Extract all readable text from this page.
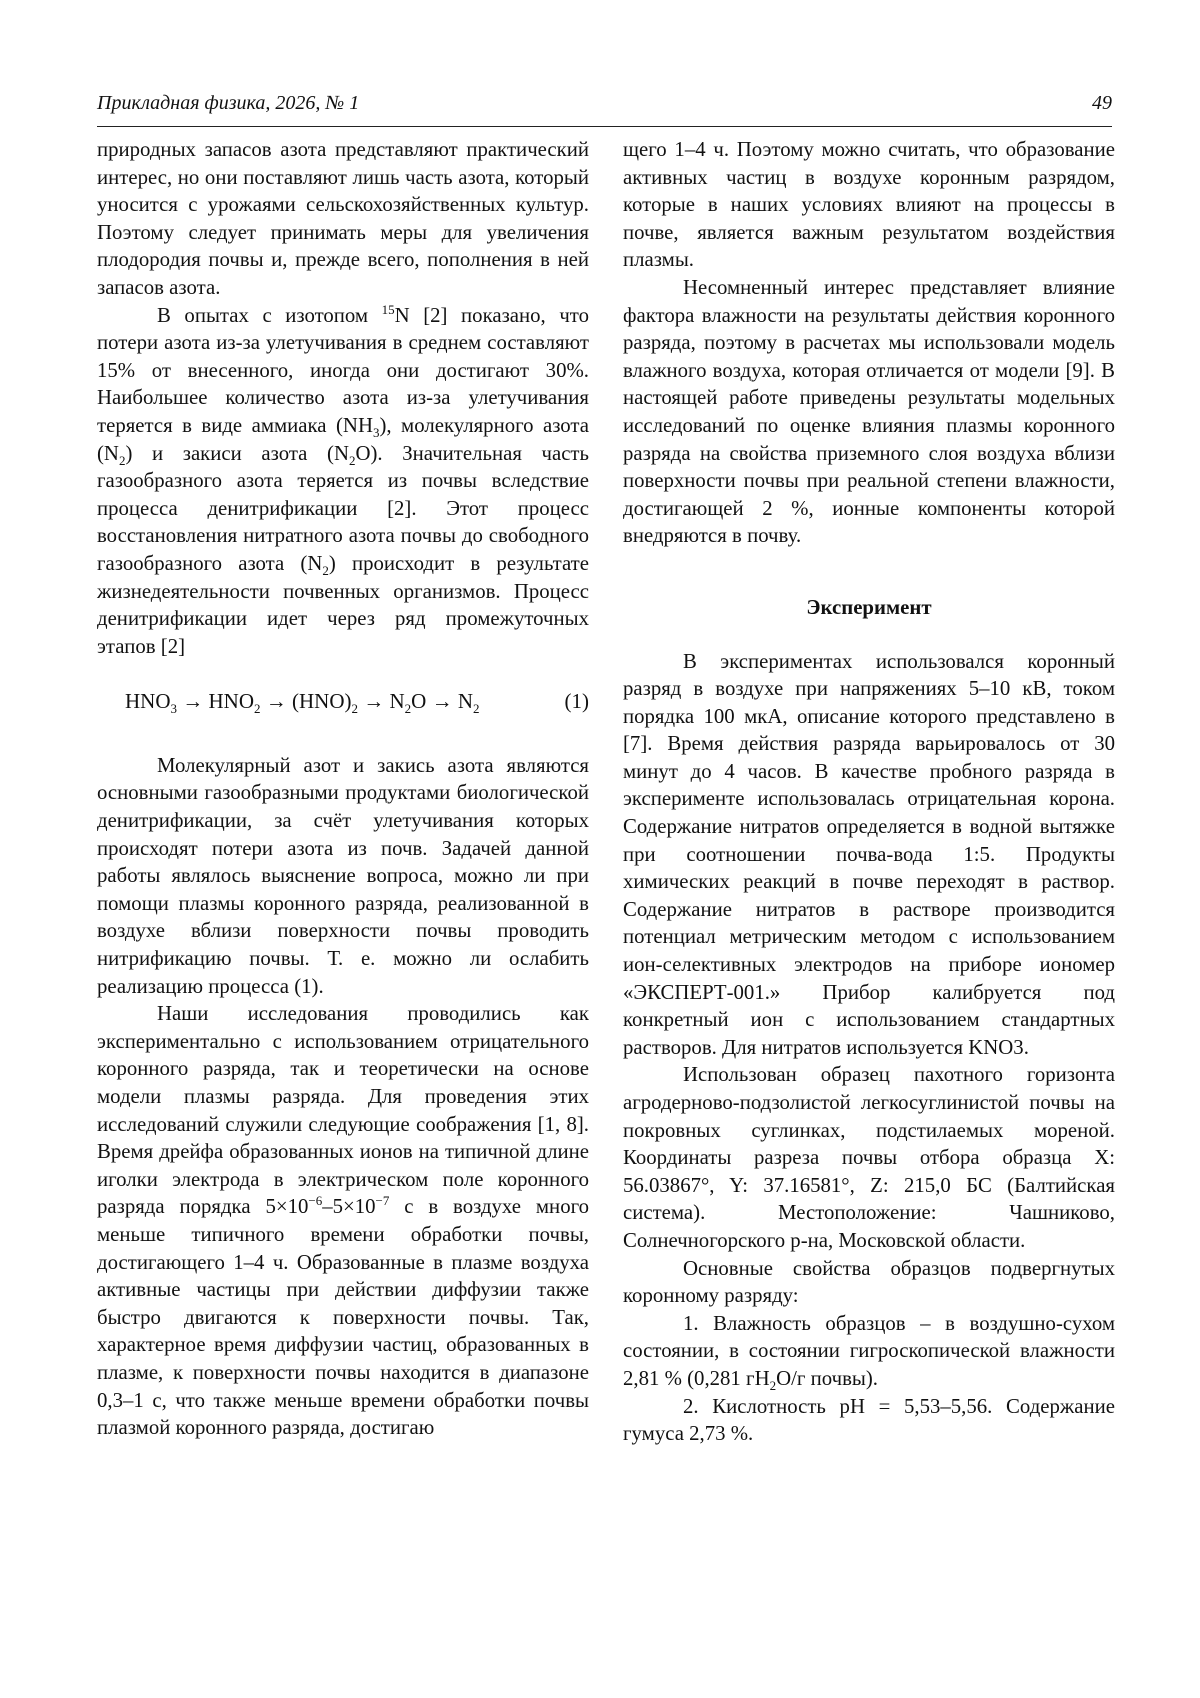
Прикладная физика, 2026, № 1	49

природных запасов азота представляют практический интерес, но они поставляют лишь часть азота, который уносится с урожаями сельскохозяйственных культур. Поэтому следует принимать меры для увеличения плодородия почвы и, прежде всего, пополнения в ней запасов азота.

В опытах с изотопом $^{15}$N [2] показано, что потери азота из-за улетучивания в среднем составляют 15% от внесенного, иногда они достигают 30%. Наибольшее количество азота из-за улетучивания теряется в виде аммиака $(NH_3)$, молекулярного азота $(N_2)$ и закиси азота $(N_2O)$. Значительная часть газообразного азота теряется из почвы вследствие процесса денитрификации [2]. Этот процесс восстановления нитратного азота почвы до свободного газообразного азота $(N_2)$ происходит в результате жизнедеятельности почвенных организмов. Процесс денитрификации идет через ряд промежуточных этапов [2]

$HNO_3 \to HNO_2 \to (HNO)_2 \to N_2O \to N_2$	(1)

Молекулярный азот и закись азота являются основными газообразными продуктами биологической денитрификации, за счёт улетучивания которых происходят потери азота из почв. Задачей данной работы являлось выяснение вопроса, можно ли при помощи плазмы коронного разряда, реализованной в воздухе вблизи поверхности почвы проводить нитрификацию почвы. Т. е. можно ли ослабить реализацию процесса (1).

Наши исследования проводились как экспериментально с использованием отрицательного коронного разряда, так и теоретически на основе модели плазмы разряда. Для проведения этих исследований служили следующие соображения [1, 8]. Время дрейфа образованных ионов на типичной длине иголки электрода в электрическом поле коронного разряда порядка $5\times 10^{-6}-5\times 10^{-7}$ с в воздухе много меньше типичного времени обработки почвы, достигающего 1–4 ч. Образованные в плазме воздуха активные частицы при действии диффузии также быстро двигаются к поверхности почвы. Так, характерное время диффузии частиц, образованных в плазме, к поверхности почвы находится в диапазоне 0,3–1 с, что также меньше времени обработки почвы плазмой коронного разряда, достигаю

щего 1–4 ч. Поэтому можно считать, что образование активных частиц в воздухе коронным разрядом, которые в наших условиях влияют на процессы в почве, является важным результатом воздействия плазмы.

Несомненный интерес представляет влияние фактора влажности на результаты действия коронного разряда, поэтому в расчетах мы использовали модель влажного воздуха, которая отличается от модели [9]. В настоящей работе приведены результаты модельных исследований по оценке влияния плазмы коронного разряда на свойства приземного слоя воздуха вблизи поверхности почвы при реальной степени влажности, достигающей 2 %, ионные компоненты которой внедряются в почву.

Эксперимент

В экспериментах использовался коронный разряд в воздухе при напряжениях 5–10 кВ, током порядка 100 мкА, описание которого представлено в [7]. Время действия разряда варьировалось от 30 минут до 4 часов. В качестве пробного разряда в эксперименте использовалась отрицательная корона. Содержание нитратов определяется в водной вытяжке при соотношении почва-вода 1:5. Продукты химических реакций в почве переходят в раствор. Содержание нитратов в растворе производится потенциал метрическим методом с использованием ион-селективных электродов на приборе иономер «ЭКСПЕРТ-001.» Прибор калибруется под конкретный ион с использованием стандартных растворов. Для нитратов используется KNO3.

Использован образец пахотного горизонта агродерново-подзолистой легкосуглинистой почвы на покровных суглинках, подстилаемых мореной. Координаты разреза почвы отбора образца X: 56.03867°, Y: 37.16581°, Z: 215,0 БС (Балтийская система). Местоположение: Чашниково, Солнечногорского р-на, Московской области.

Основные свойства образцов подвергнутых коронному разряду:

1. Влажность образцов – в воздушно-сухом состоянии, в состоянии гигроскопической влажности 2,81 % (0,281 $гН_2О/г$ почвы).

2. Кислотность pH = 5,53–5,56. Содержание гумуса 2,73 %.
